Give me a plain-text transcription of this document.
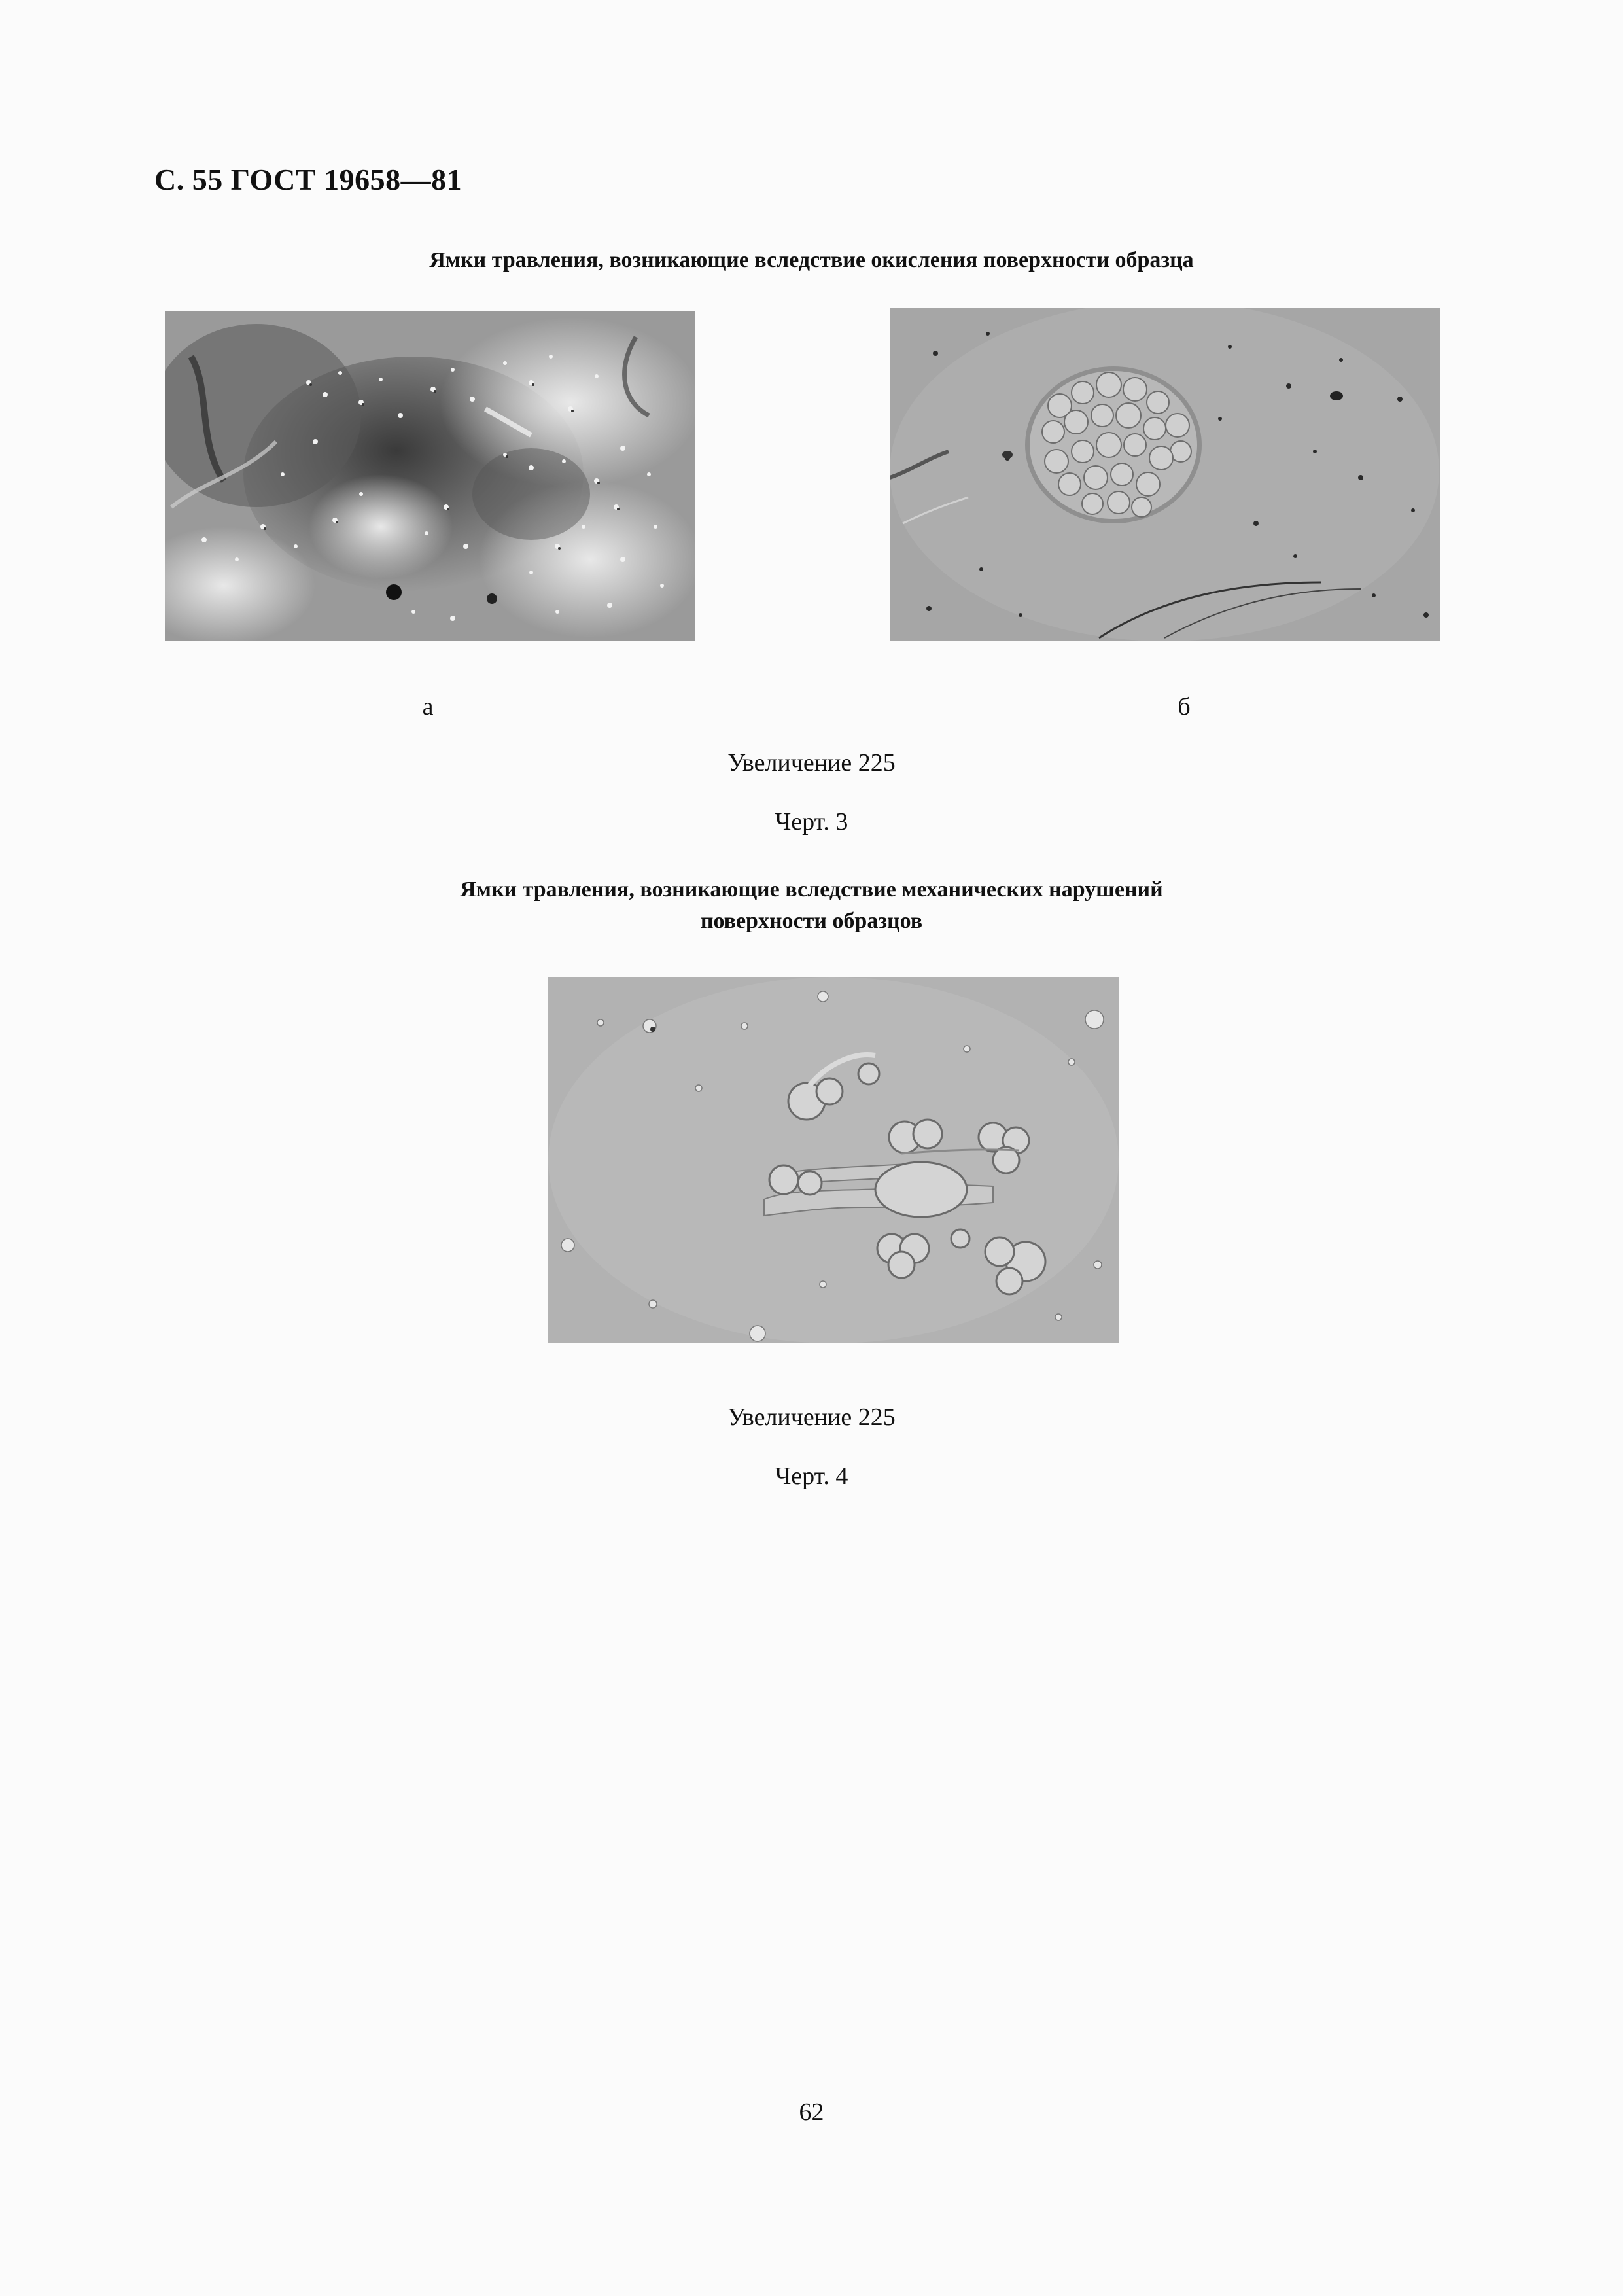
С. 55 ГОСТ 19658—81
Ямки травления, возникающие вследствие окисления поверхности образца
а	б
Увеличение 225
Черт. 3
Ямки травления, возникающие вследствие механических нарушений
поверхности образцов
Увеличение 225
Черт. 4
62
